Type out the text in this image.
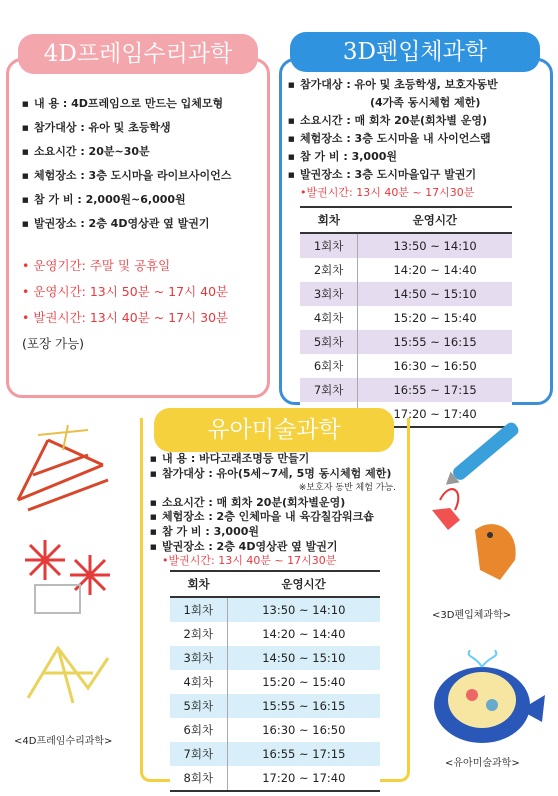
4D프레임수리과학
■ 내 용 : 4D프레임으로 만드는 입체모형
■ 참가대상 : 유아 및 초등학생
■ 소요시간 : 20분~30분
■ 체험장소 : 3층 도시마을 라이브사이언스
■ 참 가 비 : 2,000원~6,000원
■ 발권장소 : 2층 4D영상관 옆 발권기
• 운영기간: 주말 및 공휴일
• 운영시간: 13시 50분 ~ 17시 40분
• 발권시간: 13시 40분 ~ 17시 30분
(포장 가능)
3D펜입체과학
■ 참가대상 : 유아 및 초등학생, 보호자동반
(4가족 동시체험 제한)
■ 소요시간 : 매 회차 20분(회차별 운영)
■ 체험장소 : 3층 도시마을 내 사이언스랩
■ 참 가 비 : 3,000원
■ 발권장소 : 3층 도시마을입구 발권기
•발권시간: 13시 40분 ~ 17시30분
회차	운영시간
1회차	13:50 ~ 14:10
2회차	14:20 ~ 14:40
3회차	14:50 ~ 15:10
4회차	15:20 ~ 15:40
5회차	15:55 ~ 16:15
6회차	16:30 ~ 16:50
7회차	16:55 ~ 17:15
	17:20 ~ 17:40
유아미술과학
■ 내 용 : 바다고래조명등 만들기
■ 참가대상 : 유아(5세~7세, 5명 동시체험 제한)
※보호자 동반 체험 가능.
■ 소요시간 : 매 회차 20분(회차별운영)
■ 체험장소 : 2층 인체마을 내 육감칠감워크숍
■ 참 가 비 : 3,000원
■ 발권장소 : 2층 4D영상관 옆 발권기
•발권시간: 13시 40분 ~ 17시30분
회차	운영시간
1회차	13:50 ~ 14:10
2회차	14:20 ~ 14:40
3회차	14:50 ~ 15:10
4회차	15:20 ~ 15:40
5회차	15:55 ~ 16:15
6회차	16:30 ~ 16:50
7회차	16:55 ~ 17:15
8회차	17:20 ~ 17:40
<4D프레임수리과학>
<3D펜입체과학>
<유아미술과학>
